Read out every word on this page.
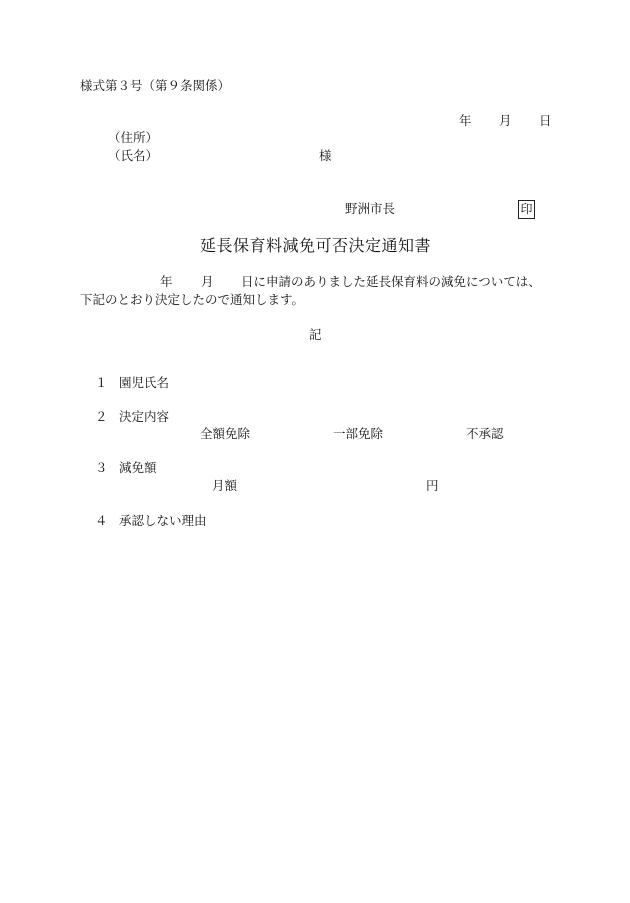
様式第３号（第９条関係）
年 月 日
（住所）
（氏名）	様
野洲市長	印
延長保育料減免可否決定通知書
年 月 日に申請のありました延長保育料の減免については、
下記のとおり決定したので通知します。
記
１ 園児氏名
２ 決定内容
全額免除	一部免除	不承認
３ 減免額
月額	円
４ 承認しない理由
